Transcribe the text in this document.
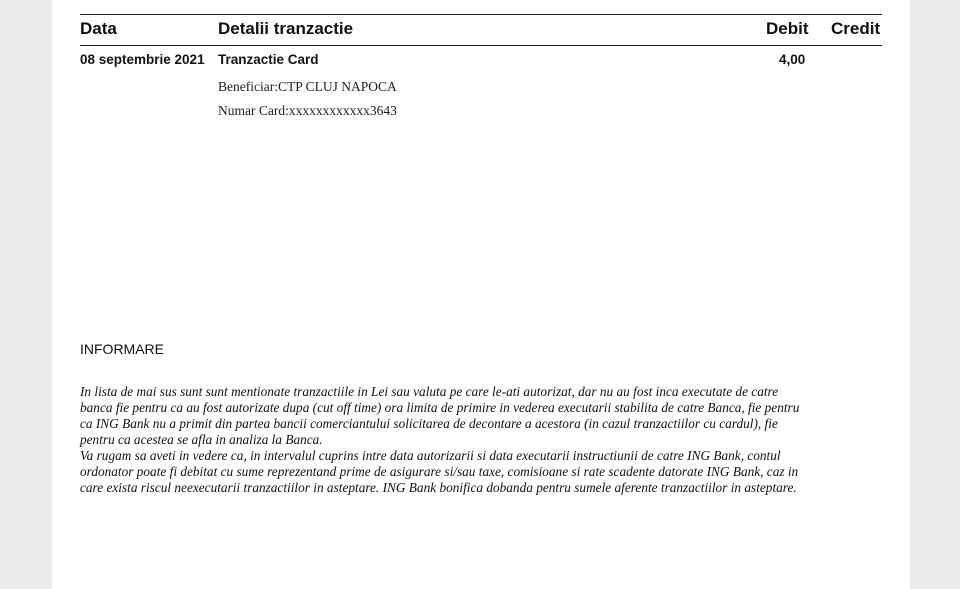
Data	Detalii tranzactie	Debit Credit
08 septembrie 2021 Tranzactie Card	4,00
Beneficiar:CTP CLUJ NAPOCA
Numar Card:xxxxxxxxxxxx3643
INFORMARE
In lista de mai sus sunt sunt mentionate tranzactiile in Lei sau valuta pe care le-ati autorizat, dar nu au fost inca executate de catre
banca fie pentru ca au fost autorizate dupa (cut off time) ora limita de primire in vederea executarii stabilita de catre Banca, fie pentru
ca ING Bank nu a primit din partea bancii comerciantului solicitarea de decontare a acestora (in cazul tranzactiilor cu cardul), fie
pentru ca acestea se afla in analiza la Banca.
Va rugam sa aveti in vedere ca, in intervalul cuprins intre data autorizarii si data executarii instructiunii de catre ING Bank, contul
ordonator poate fi debitat cu sume reprezentand prime de asigurare si/sau taxe, comisioane si rate scadente datorate ING Bank, caz in
care exista riscul neexecutarii tranzactiilor in asteptare. ING Bank bonifica dobanda pentru sumele aferente tranzactiilor in asteptare.
